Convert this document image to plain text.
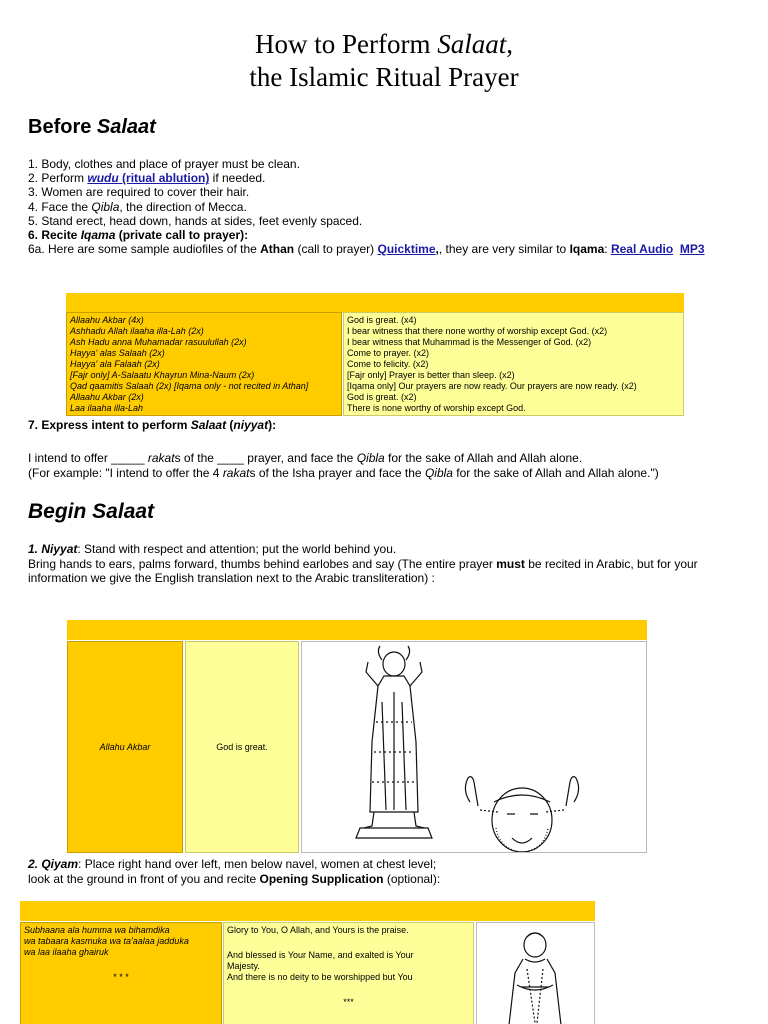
How to Perform Salaat,
the Islamic Ritual Prayer
Before Salaat
1. Body, clothes and place of prayer must be clean.
2. Perform wudu (ritual ablution) if needed.
3. Women are required to cover their hair.
4. Face the Qibla, the direction of Mecca.
5. Stand erect, head down, hands at sides, feet evenly spaced.
6. Recite Iqama (private call to prayer):
6a. Here are some sample audiofiles of the Athan (call to prayer) Quicktime,, they are very similar to Iqama: Real Audio MP3
Allaahu Akbar (4x)
Ashhadu Allah ilaaha illa-Lah (2x)
Ash Hadu anna Muhamadar rasuulullah (2x)
Hayya' alas Salaah (2x)
Hayya' ala Falaah (2x)
[Fajr only] A-Salaatu Khayrun Mina-Naum (2x)
Qad qaamitis Salaah (2x) [Iqama only - not recited in Athan]
Allaahu Akbar (2x)
Laa ilaaha illa-Lah
God is great. (x4)
I bear witness that there none worthy of worship except God. (x2)
I bear witness that Muhammad is the Messenger of God. (x2)
Come to prayer. (x2)
Come to felicity. (x2)
[Fajr only] Prayer is better than sleep. (x2)
[Iqama only] Our prayers are now ready. Our prayers are now ready. (x2)
God is great. (x2)
There is none worthy of worship except God.
7. Express intent to perform Salaat (niyyat):
I intend to offer _____ rakats of the ____ prayer, and face the Qibla for the sake of Allah and Allah alone.
(For example: "I intend to offer the 4 rakats of the Isha prayer and face the Qibla for the sake of Allah and Allah alone.")
Begin Salaat
1. Niyyat: Stand with respect and attention; put the world behind you.
Bring hands to ears, palms forward, thumbs behind earlobes and say (The entire prayer must be recited in Arabic, but for your
information we give the English translation next to the Arabic transliteration) :
Allahu Akbar	God is great.
2. Qiyam: Place right hand over left, men below navel, women at chest level;
look at the ground in front of you and recite Opening Supplication (optional):
Subhaana ala humma wa bihamdika
wa tabaara kasmuka wa ta'aalaa jadduka
wa laa ilaaha ghairuk
* * *
Glory to You, O Allah, and Yours is the praise.
And blessed is Your Name, and exalted is Your
Majesty.
And there is no deity to be worshipped but You
***
